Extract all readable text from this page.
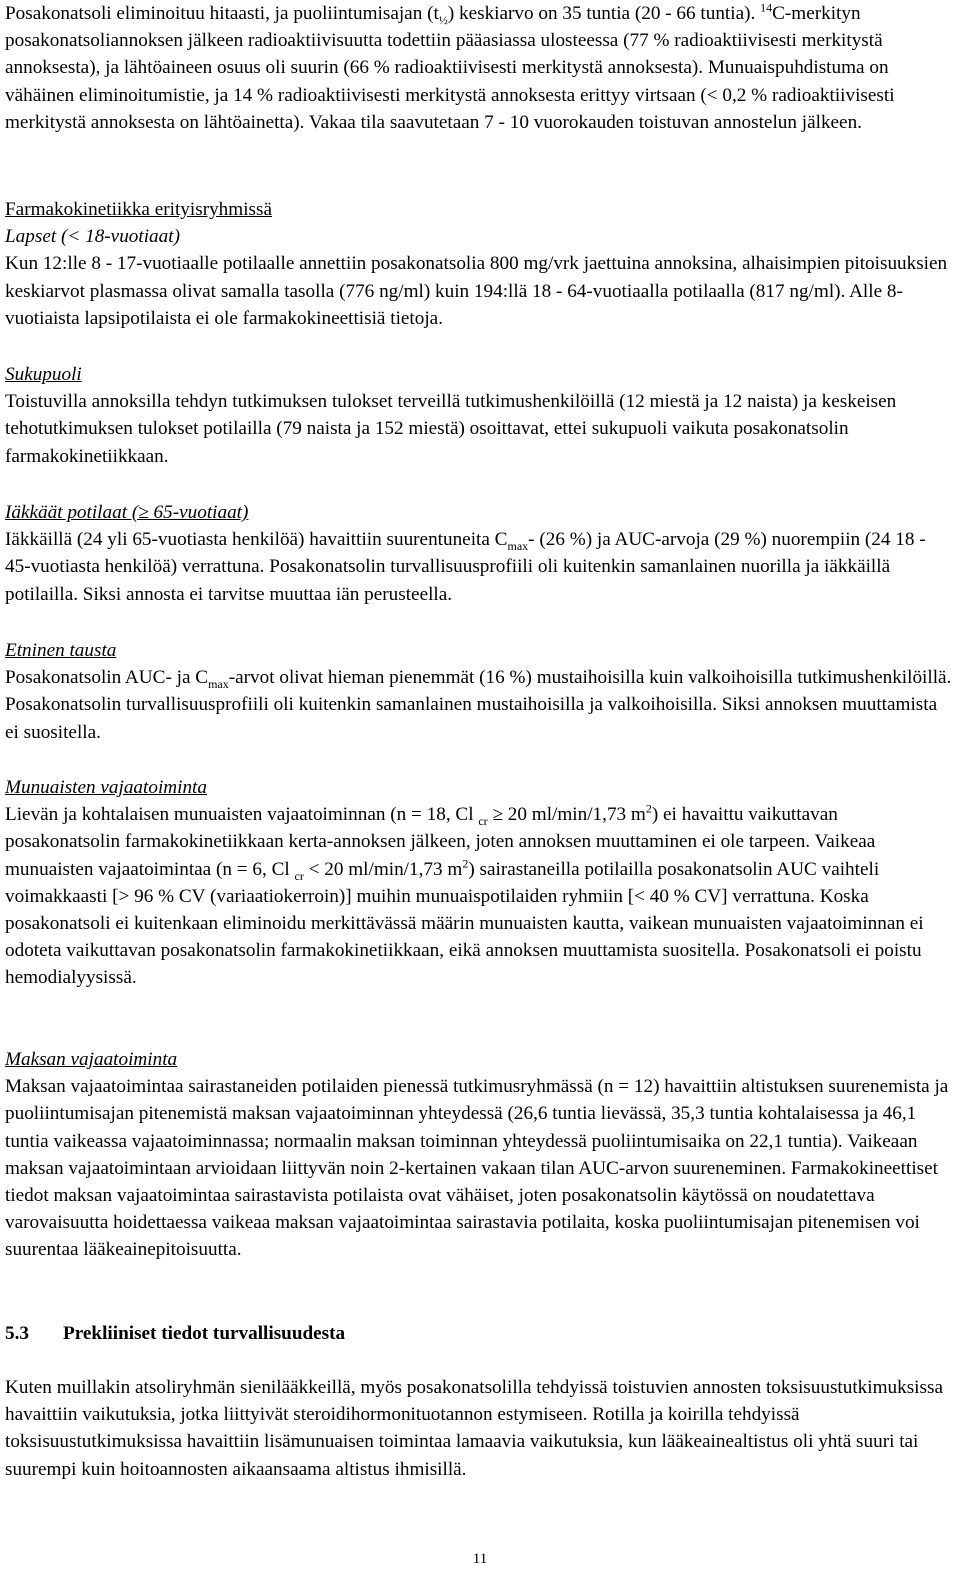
Posakonatsoli eliminoituu hitaasti, ja puoliintumisajan $(t_{\frac{1}{2}})$ keskiarvo on 35 tuntia (20 - 66 tuntia). $^{14}$C-merkityn posakonatsoliannoksen jälkeen radioaktiivisuutta todettiin pääasiassa ulosteessa (77 % radioaktiivisesti merkitystä annoksesta), ja lähtöaineen osuus oli suurin (66 % radioaktiivisesti merkitystä annoksesta). Munuaispuhdistuma on vähäinen eliminoitumistie, ja 14 % radioaktiivisesti merkitystä annoksesta erittyy virtsaan (< 0,2 % radioaktiivisesti merkitystä annoksesta on lähtöainetta). Vakaa tila saavutetaan 7 - 10 vuorokauden toistuvan annostelun jälkeen.

Farmakokinetiikka erityisryhmissä
Lapset (< 18-vuotiaat)
Kun 12:lle 8 - 17-vuotiaalle potilaalle annettiin posakonatsolia 800 mg/vrk jaettuina annoksina, alhaisimpien pitoisuuksien keskiarvot plasmassa olivat samalla tasolla (776 ng/ml) kuin 194:llä 18 - 64-vuotiaalla potilaalla (817 ng/ml). Alle 8-vuotiaista lapsipotilaista ei ole farmakokineettisiä tietoja.
Sukupuoli
Toistuvilla annoksilla tehdyn tutkimuksen tulokset terveillä tutkimushenkilöillä (12 miestä ja 12 naista) ja keskeisen tehotutkimuksen tulokset potilailla (79 naista ja 152 miestä) osoittavat, ettei sukupuoli vaikuta posakonatsolin farmakokinetiikkaan.
Iäkkäät potilaat (≥ 65-vuotiaat)
Iäkkäillä (24 yli 65-vuotiasta henkilöä) havaittiin suurentuneita $C_{max}-$ (26 %) ja AUC-arvoja (29 %) nuorempiin (24 18 - 45-vuotiasta henkilöä) verrattuna. Posakonatsolin turvallisuusprofiili oli kuitenkin samanlainen nuorilla ja iäkkäillä potilailla. Siksi annosta ei tarvitse muuttaa iän perusteella.
Etninen tausta
Posakonatsolin AUC- ja $C_{max}$-arvot olivat hieman pienemmät (16 %) mustaihoisilla kuin valkoihoisilla tutkimushenkilöillä. Posakonatsolin turvallisuusprofiili oli kuitenkin samanlainen mustaihoisilla ja valkoihoisilla. Siksi annoksen muuttamista ei suositella.
Munuaisten vajaatoiminta
Lievän ja kohtalaisen munuaisten vajaatoiminnan (n = 18, Cl $_{cr}$ ≥ 20 ml/min/1,73 $m^2$) ei havaittu vaikuttavan posakonatsolin farmakokinetiikkaan kerta-annoksen jälkeen, joten annoksen muuttaminen ei ole tarpeen. Vaikeaa munuaisten vajaatoimintaa (n = 6, Cl $_{cr}$ < 20 ml/min/1,73 $m^2$) sairastaneilla potilailla posakonatsolin AUC vaihteli voimakkaasti [> 96 % CV (variaatiokerroin)] muihin munuaispotilaiden ryhmiin [< 40 % CV] verrattuna. Koska posakonatsoli ei kuitenkaan eliminoidu merkittävässä määrin munuaisten kautta, vaikean munuaisten vajaatoiminnan ei odoteta vaikuttavan posakonatsolin farmakokinetiikkaan, eikä annoksen muuttamista suositella. Posakonatsoli ei poistu hemodialyysissä.
Maksan vajaatoiminta
Maksan vajaatoimintaa sairastaneiden potilaiden pienessä tutkimusryhmässä (n = 12) havaittiin altistuksen suurenemista ja puoliintumisajan pitenemistä maksan vajaatoiminnan yhteydessä (26,6 tuntia lievässä, 35,3 tuntia kohtalaisessa ja 46,1 tuntia vaikeassa vajaatoiminnassa; normaalin maksan toiminnan yhteydessä puoliintumisaika on 22,1 tuntia). Vaikeaan maksan vajaatoimintaan arvioidaan liittyvän noin 2-kertainen vakaan tilan AUC-arvon suureneminen. Farmakokineettiset tiedot maksan vajaatoimintaa sairastavista potilaista ovat vähäiset, joten posakonatsolin käytössä on noudatettava varovaisuutta hoidettaessa vaikeaa maksan vajaatoimintaa sairastavia potilaita, koska puoliintumisajan pitenemisen voi suurentaa lääkeainepitoisuutta.
5.3 Prekliiniset tiedot turvallisuudesta

Kuten muillakin atsoliryhmän sienilääkkeillä, myös posakonatsolilla tehdyissä toistuvien annosten toksisuustutkimuksissa havaittiin vaikutuksia, jotka liittyivät steroidihormonituotannon estymiseen. Rotilla ja koirilla tehdyissä toksisuustutkimuksissa havaittiin lisämunuaisen toimintaa lamaavia vaikutuksia, kun lääkeainealtistus oli yhtä suuri tai suurempi kuin hoitoannosten aikaansaama altistus ihmisillä.

11
